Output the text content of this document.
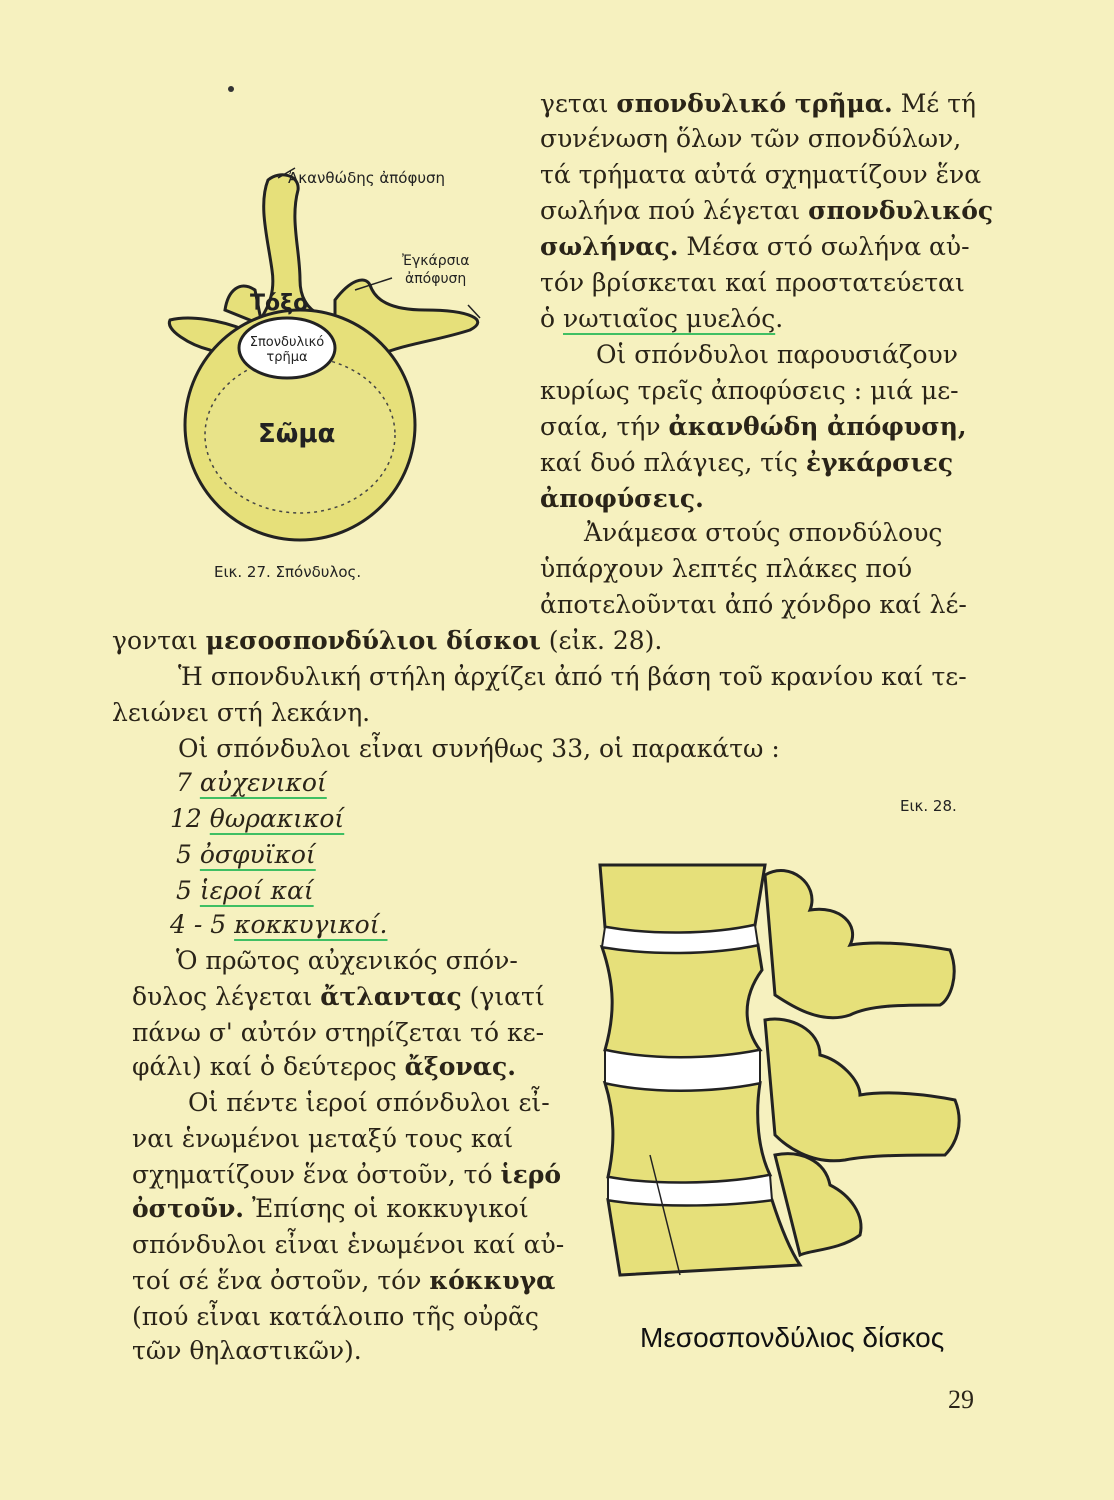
Ἀκανθώδης ἀπόφυση
Ἐγκάρσια
ἀπόφυση
Τόξο
Σπονδυλικό
τρῆμα
Σῶμα
Εικ. 27. Σπόνδυλος.
γεται σπονδυλικό τρῆμα. Μέ τή
συνένωση ὅλων τῶν σπονδύλων,
τά τρήματα αὐτά σχηματίζουν ἕνα
σωλήνα πού λέγεται σπονδυλικός
σωλήνας. Μέσα στό σωλήνα αὐ-
τόν βρίσκεται καί προστατεύεται
ὁ νωτιαῖος μυελός.
Οἱ σπόνδυλοι παρουσιάζουν
κυρίως τρεῖς ἀποφύσεις : μιά με-
σαία, τήν ἀκανθώδη ἀπόφυση,
καί δυό πλάγιες, τίς ἐγκάρσιες
ἀποφύσεις.
Ἀνάμεσα στούς σπονδύλους
ὑπάρχουν λεπτές πλάκες πού
ἀποτελοῦνται ἀπό χόνδρο καί λέ-
γονται μεσοσπονδύλιοι δίσκοι (εἰκ. 28).
Ἡ σπονδυλική στήλη ἀρχίζει ἀπό τή βάση τοῦ κρανίου καί τε-
λειώνει στή λεκάνη.
Οἱ σπόνδυλοι εἶναι συνήθως 33, οἱ παρακάτω :
7 αὐχενικοί
12 θωρακικοί
5 ὀσφυϊκοί
5 ἱεροί καί
4 - 5 κοκκυγικοί.
Ὁ πρῶτος αὐχενικός σπόν-
δυλος λέγεται ἄτλαντας (γιατί
πάνω σ' αὐτόν στηρίζεται τό κε-
φάλι) καί ὁ δεύτερος ἄξονας.
Οἱ πέντε ἱεροί σπόνδυλοι εἶ-
ναι ἑνωμένοι μεταξύ τους καί
σχηματίζουν ἕνα ὀστοῦν, τό ἱερό
ὀστοῦν. Ἐπίσης οἱ κοκκυγικοί
σπόνδυλοι εἶναι ἑνωμένοι καί αὐ-
τοί σέ ἕνα ὀστοῦν, τόν κόκκυγα
(πού εἶναι κατάλοιπο τῆς οὐρᾶς
τῶν θηλαστικῶν).
Εικ. 28.
Μεσοσπονδύλιος δίσκος
29
